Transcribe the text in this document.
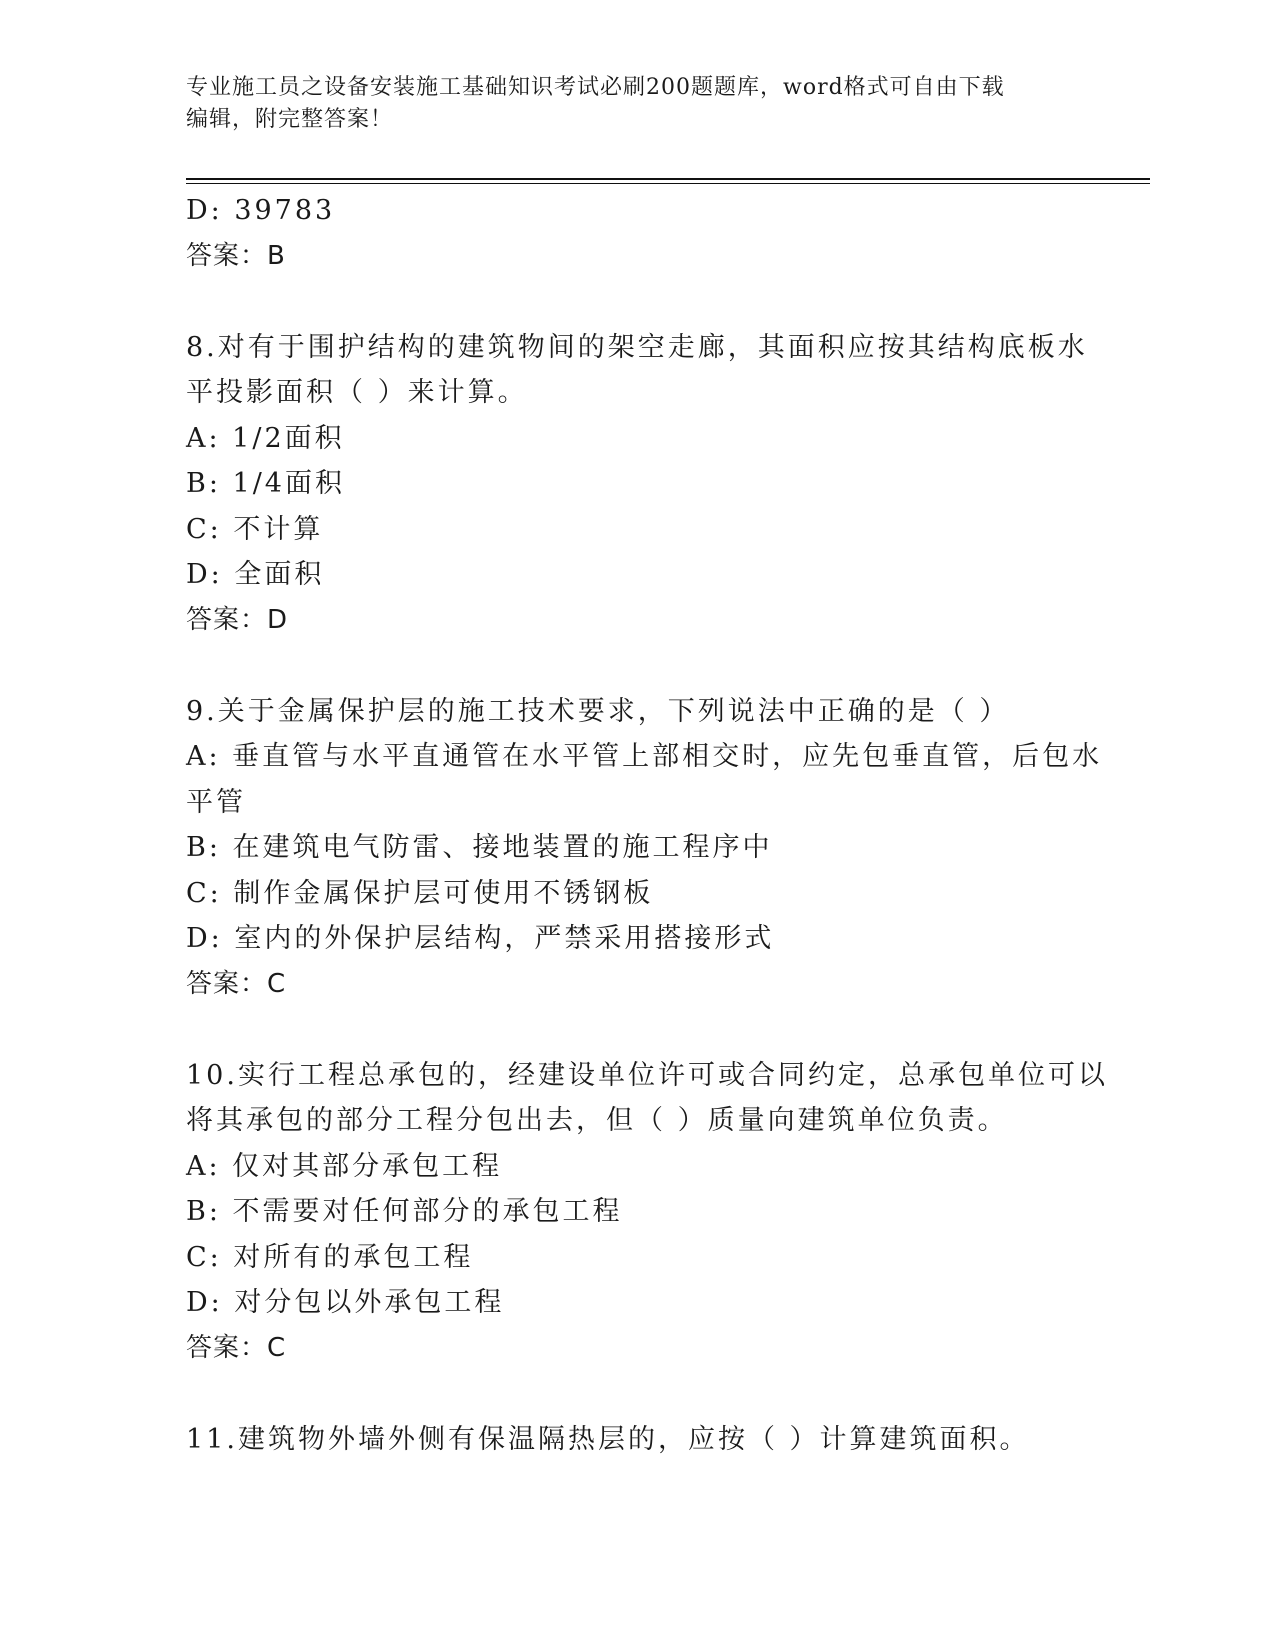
专业施工员之设备安装施工基础知识考试必刷200题题库，word格式可自由下载
编辑，附完整答案！
D: 39783
答案：B
8.对有于围护结构的建筑物间的架空走廊，其面积应按其结构底板水
平投影面积（ ）来计算。
A: 1/2面积
B: 1/4面积
C: 不计算
D: 全面积
答案：D
9.关于金属保护层的施工技术要求，下列说法中正确的是（ ）
A: 垂直管与水平直通管在水平管上部相交时，应先包垂直管，后包水
平管
B: 在建筑电气防雷、接地装置的施工程序中
C: 制作金属保护层可使用不锈钢板
D: 室内的外保护层结构，严禁采用搭接形式
答案：C
10.实行工程总承包的，经建设单位许可或合同约定，总承包单位可以
将其承包的部分工程分包出去，但（ ）质量向建筑单位负责。
A: 仅对其部分承包工程
B: 不需要对任何部分的承包工程
C: 对所有的承包工程
D: 对分包以外承包工程
答案：C
11.建筑物外墙外侧有保温隔热层的，应按（ ）计算建筑面积。
